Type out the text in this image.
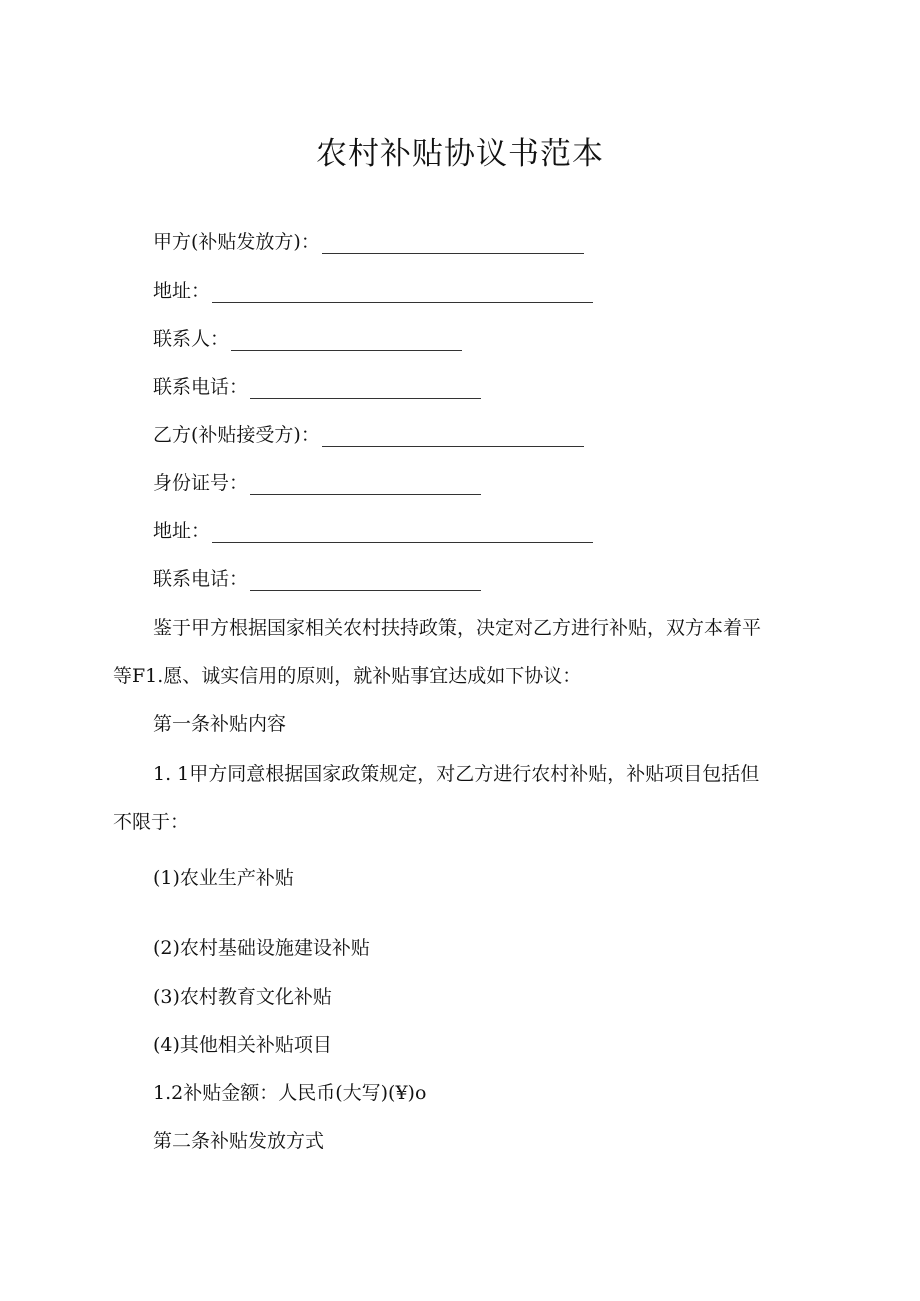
农村补贴协议书范本
甲方(补贴发放方)：
地址：
联系人：
联系电话：
乙方(补贴接受方)：
身份证号：
地址：
联系电话：
鉴于甲方根据国家相关农村扶持政策，决定对乙方进行补贴，双方本着平
等F1.愿、诚实信用的原则，就补贴事宜达成如下协议：
第一条补贴内容
1. 1甲方同意根据国家政策规定，对乙方进行农村补贴，补贴项目包括但
不限于：
(1)农业生产补贴
(2)农村基础设施建设补贴
(3)农村教育文化补贴
(4)其他相关补贴项目
1.2补贴金额：人民币(大写)(¥)o
第二条补贴发放方式
